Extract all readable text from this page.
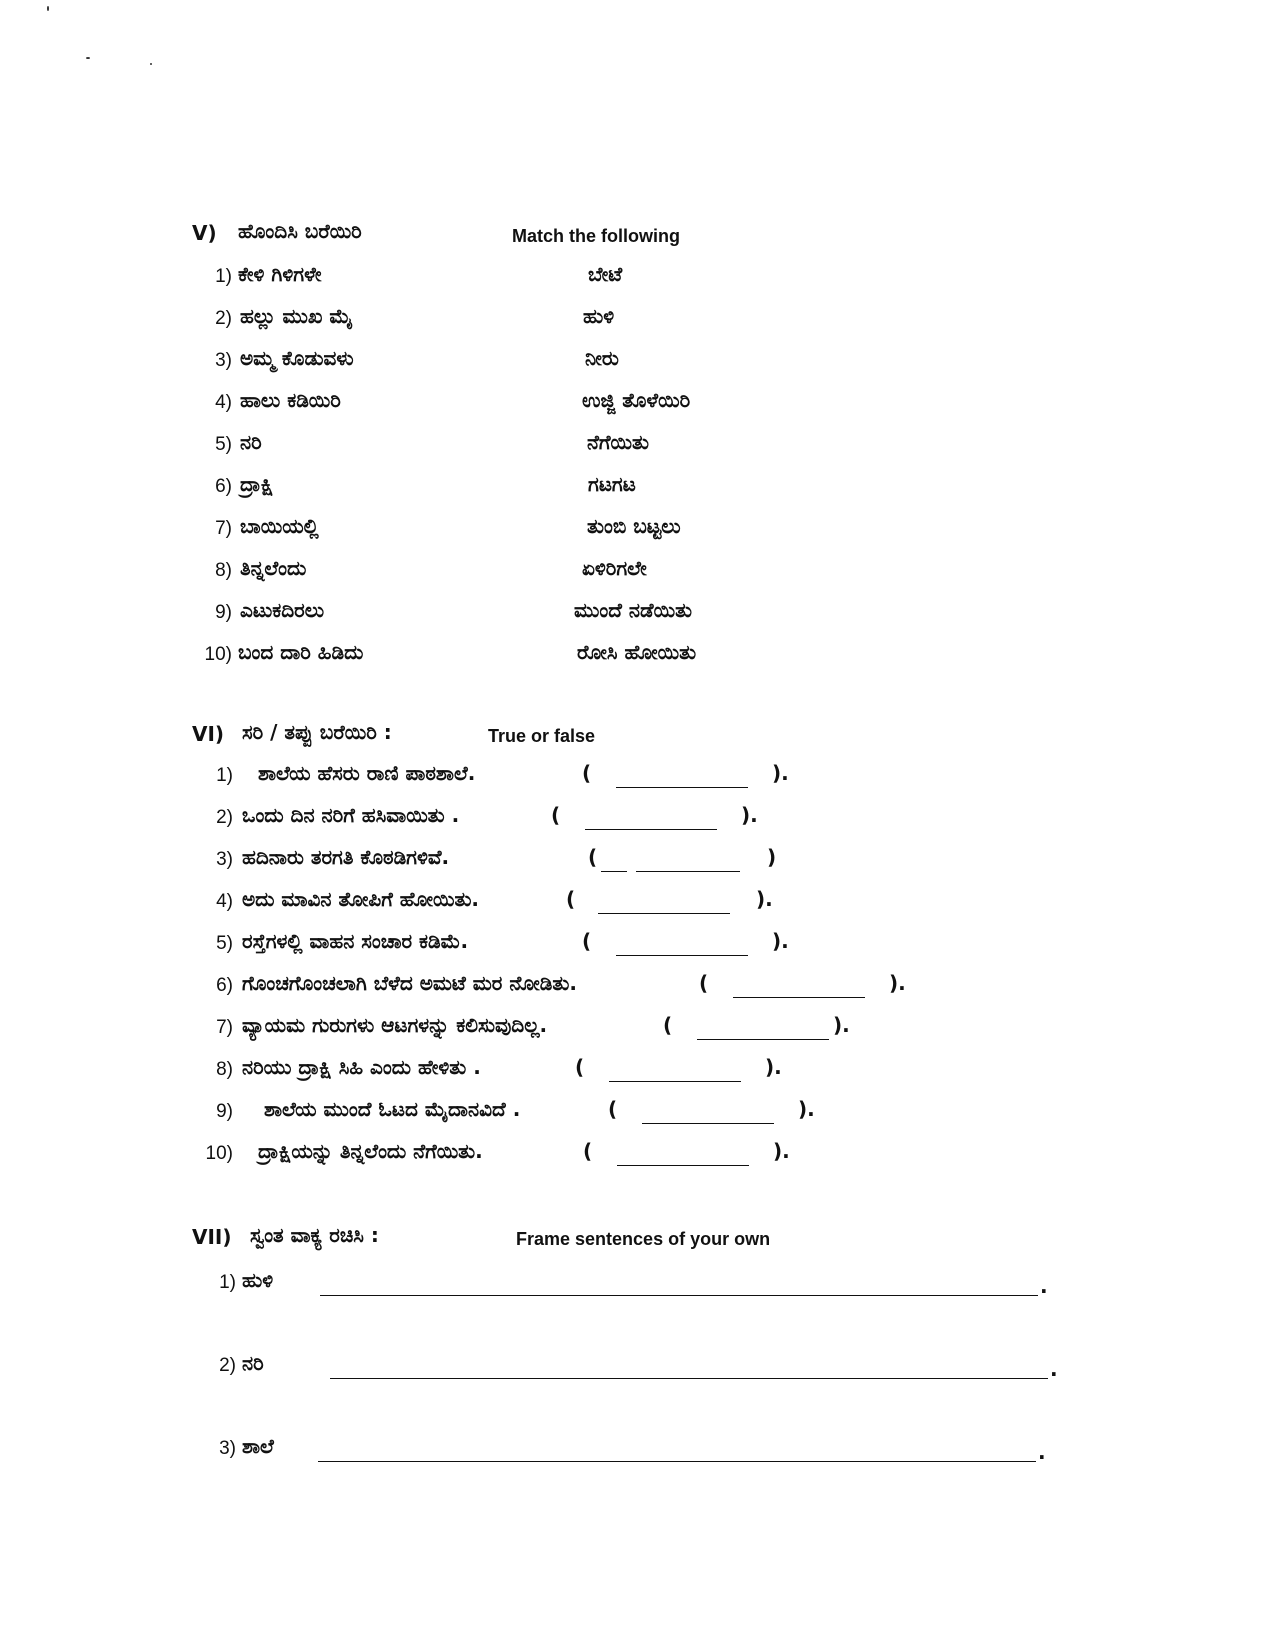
V) ಹೊಂದಿಸಿ ಬರೆಯಿರಿ	Match the following
1) ಕೇಳಿ ಗಿಳಿಗಳೇ	ಬೇಟೆ
2) ಹಲ್ಲು ಮುಖ ಮೈ	ಹುಳಿ
3) ಅಮ್ಮ ಕೊಡುವಳು	ನೀರು
4) ಹಾಲು ಕಡಿಯಿರಿ	ಉಜ್ಜಿ ತೊಳೆಯಿರಿ
5) ನರಿ	ನೆಗೆಯಿತು
6) ದ್ರಾಕ್ಷಿ	ಗಟಗಟ
7) ಬಾಯಿಯಲ್ಲಿ	ತುಂಬಿ ಬಟ್ಟಲು
8) ತಿನ್ನಲೆಂದು	ಏಳಿರಿಗಲೇ
9) ಎಟುಕದಿರಲು	ಮುಂದೆ ನಡೆಯಿತು
10) ಬಂದ ದಾರಿ ಹಿಡಿದು	ರೋಸಿ ಹೋಯಿತು
VI) ಸರಿ / ತಪ್ಪು ಬರೆಯಿರಿ :	True or false
1) ಶಾಲೆಯ ಹೆಸರು ರಾಣಿ ಪಾಠಶಾಲೆ.	(	).
2) ಒಂದು ದಿನ ನರಿಗೆ ಹಸಿವಾಯಿತು .	(	).
3) ಹದಿನಾರು ತರಗತಿ ಕೊಠಡಿಗಳಿವೆ.	(	)
4) ಅದು ಮಾವಿನ ತೋಪಿಗೆ ಹೋಯಿತು.	(	).
5) ರಸ್ತೆಗಳಲ್ಲಿ ವಾಹನ ಸಂಚಾರ ಕಡಿಮೆ.	(	).
6) ಗೊಂಚಗೊಂಚಲಾಗಿ ಬೆಳೆದ ಅಮಟೆ ಮರ ನೋಡಿತು.	(	).
7) ವ್ಯಾಯಮ ಗುರುಗಳು ಆಟಗಳನ್ನು ಕಲಿಸುವುದಿಲ್ಲ.	(	).
8) ನರಿಯು ದ್ರಾಕ್ಷಿ ಸಿಹಿ ಎಂದು ಹೇಳಿತು .	(	).
9) ಶಾಲೆಯ ಮುಂದೆ ಓಟದ ಮೈದಾನವಿದೆ .	(	).
10) ದ್ರಾಕ್ಷಿಯನ್ನು ತಿನ್ನಲೆಂದು ನೆಗೆಯಿತು.	(	).
VII) ಸ್ವಂತ ವಾಕ್ಯ ರಚಿಸಿ :	Frame sentences of your own
1) ಹುಳಿ	.
2) ನರಿ	.
3) ಶಾಲೆ	.
